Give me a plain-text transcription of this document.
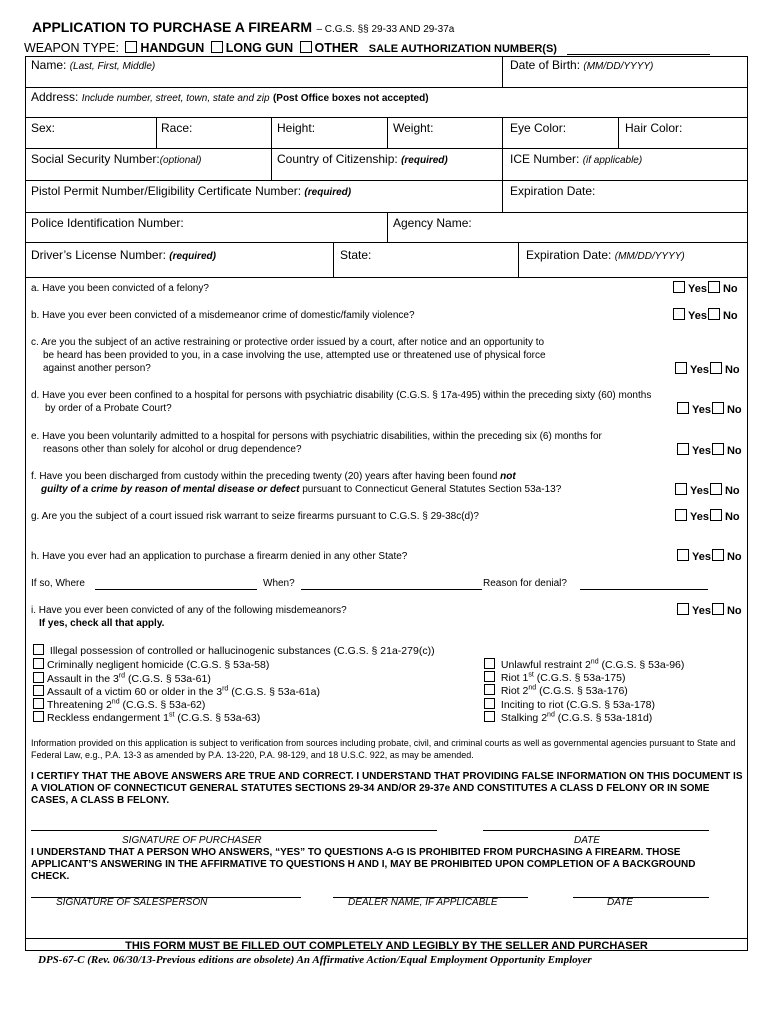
APPLICATION TO PURCHASE A FIREARM – C.G.S. §§ 29-33 AND 29-37a
WEAPON TYPE: HANDGUN LONG GUN OTHER SALE AUTHORIZATION NUMBER(S)
Name: (Last, First, Middle)	Date of Birth: (MM/DD/YYYY)
Address: Include number, street, town, state and zip (Post Office boxes not accepted)
Sex:	Race:	Height:	Weight:	Eye Color:	Hair Color:
Social Security Number:(optional)	Country of Citizenship: (required)	ICE Number: (if applicable)
Pistol Permit Number/Eligibility Certificate Number: (required)	Expiration Date:
Police Identification Number:	Agency Name:
Driver’s License Number: (required)	State:	Expiration Date: (MM/DD/YYYY)
a. Have you been convicted of a felony?	Yes No
b. Have you ever been convicted of a misdemeanor crime of domestic/family violence?	Yes No
c. Are you the subject of an active restraining or protective order issued by a court, after notice and an opportunity to
be heard has been provided to you, in a case involving the use, attempted use or threatened use of physical force
against another person?	Yes No
d. Have you ever been confined to a hospital for persons with psychiatric disability (C.G.S. § 17a-495) within the preceding sixty (60) months
by order of a Probate Court?	Yes No
e. Have you been voluntarily admitted to a hospital for persons with psychiatric disabilities, within the preceding six (6) months for
reasons other than solely for alcohol or drug dependence?	Yes No
f. Have you been discharged from custody within the preceding twenty (20) years after having been found not
guilty of a crime by reason of mental disease or defect pursuant to Connecticut General Statutes Section 53a-13?	Yes No
g. Are you the subject of a court issued risk warrant to seize firearms pursuant to C.G.S. § 29-38c(d)?	Yes No
h. Have you ever had an application to purchase a firearm denied in any other State?	Yes No
If so, Where	When?	Reason for denial?
i. Have you ever been convicted of any of the following misdemeanors?
If yes, check all that apply.
Yes No
Illegal possession of controlled or hallucinogenic substances (C.G.S. § 21a-279(c))
Criminally negligent homicide (C.G.S. § 53a-58)
Assault in the 3rd (C.G.S. § 53a-61)
Assault of a victim 60 or older in the 3rd (C.G.S. § 53a-61a)
Threatening 2nd (C.G.S. § 53a-62)
Reckless endangerment 1st (C.G.S. § 53a-63)
Unlawful restraint 2nd (C.G.S. § 53a-96)
Riot 1st (C.G.S. § 53a-175)
Riot 2nd (C.G.S. § 53a-176)
Inciting to riot (C.G.S. § 53a-178)
Stalking 2nd (C.G.S. § 53a-181d)
Information provided on this application is subject to verification from sources including probate, civil, and criminal courts as well as governmental agencies pursuant to State and Federal Law, e.g., P.A. 13-3 as amended by P.A. 13-220, P.A. 98-129, and 18 U.S.C. 922, as may be amended.
I CERTIFY THAT THE ABOVE ANSWERS ARE TRUE AND CORRECT. I UNDERSTAND THAT PROVIDING FALSE INFORMATION ON THIS DOCUMENT IS A VIOLATION OF CONNECTICUT GENERAL STATUTES SECTIONS 29-34 AND/OR 29-37e AND CONSTITUTES A CLASS D FELONY OR IN SOME CASES, A CLASS B FELONY.
SIGNATURE OF PURCHASER	DATE
I UNDERSTAND THAT A PERSON WHO ANSWERS, “YES” TO QUESTIONS A-G IS PROHIBITED FROM PURCHASING A FIREARM. THOSE APPLICANT’S ANSWERING IN THE AFFIRMATIVE TO QUESTIONS H AND I, MAY BE PROHIBITED UPON COMPLETION OF A BACKGROUND CHECK.
SIGNATURE OF SALESPERSON	DEALER NAME, IF APPLICABLE	DATE
THIS FORM MUST BE FILLED OUT COMPLETELY AND LEGIBLY BY THE SELLER AND PURCHASER
DPS-67-C (Rev. 06/30/13-Previous editions are obsolete) An Affirmative Action/Equal Employment Opportunity Employer
